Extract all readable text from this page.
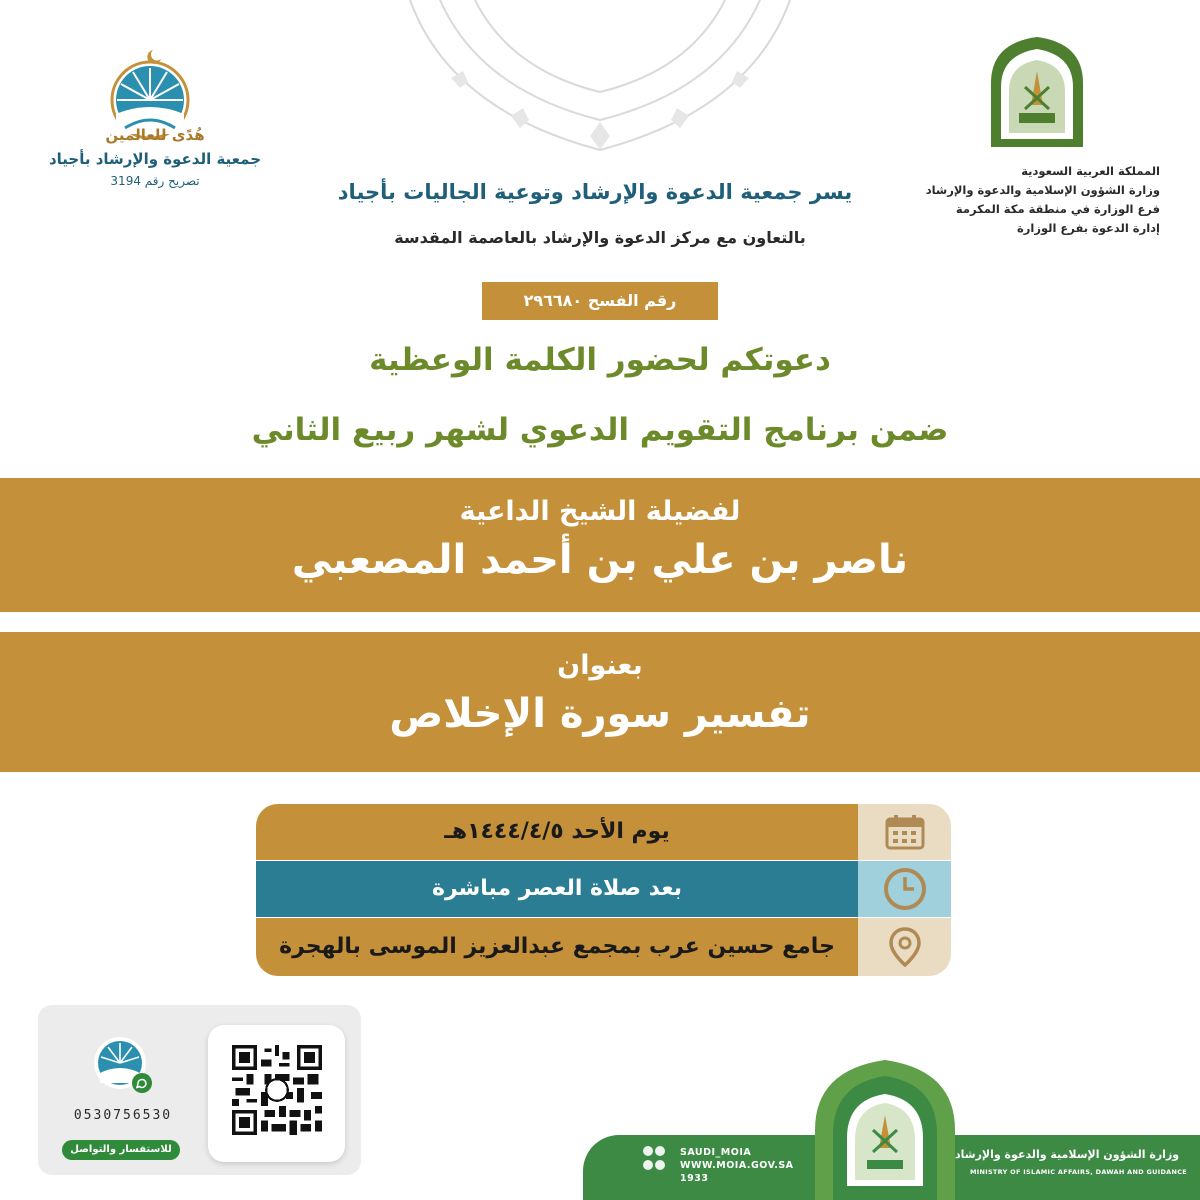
المملكة العربية السعودية
وزارة الشؤون الإسلامية والدعوة والإرشاد
فرع الوزارة في منطقة مكة المكرمة
إدارة الدعوة بفرع الوزارة
هُدًى للعالمين
جمعية الدعوة والإرشاد بأجياد
تصريح رقم 3194	يسر جمعية الدعوة والإرشاد وتوعية الجاليات بأجياد
بالتعاون مع مركز الدعوة والإرشاد بالعاصمة المقدسة
رقم الفسح ٢٩٦٦٨٠
دعوتكم لحضور الكلمة الوعظية
ضمن برنامج التقويم الدعوي لشهر ربيع الثاني
لفضيلة الشيخ الداعية
ناصر بن علي بن أحمد المصعبي
بعنوان
تفسير سورة الإخلاص
يوم الأحد ١٤٤٤/٤/٥هـ
بعد صلاة العصر مباشرة
جامع حسين عرب بمجمع عبدالعزيز الموسى بالهجرة
0530756530
للاستفسار والتواصل	SAUDI_MOIA
WWW.MOIA.GOV.SA
1933
وزارة الشؤون الإسلامية والدعوة والإرشاد
MINISTRY OF ISLAMIC AFFAIRS, DAWAH AND GUIDANCE
